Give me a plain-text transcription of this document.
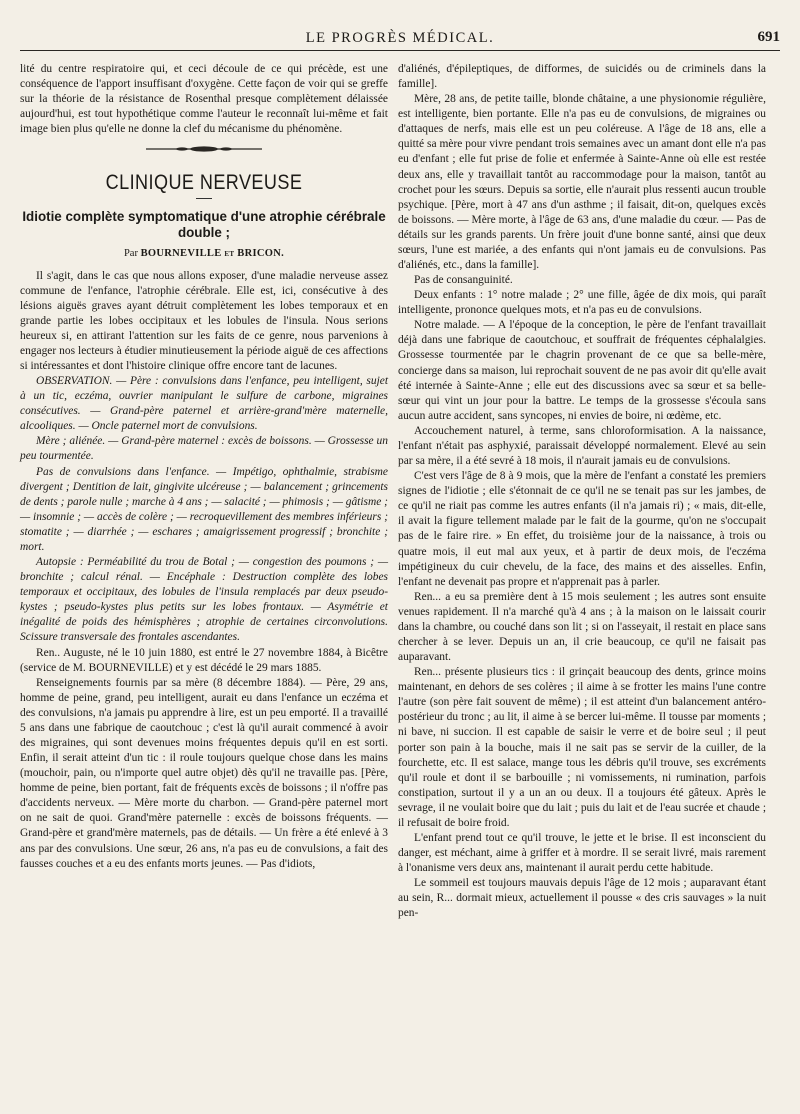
LE PROGRÈS MÉDICAL.	691

lité du centre respiratoire qui, et ceci découle de ce qui précède, est une conséquence de l'apport insuffisant d'oxygène. Cette façon de voir qui se greffe sur la théorie de la résistance de Rosenthal presque complètement délaissée aujourd'hui, est tout hypothétique comme l'auteur le reconnaît lui-même et fait image bien plus qu'elle ne donne la clef du mécanisme du phénomène.

CLINIQUE NERVEUSE
Idiotie complète symptomatique d'une atrophie cérébrale double ;
Par BOURNEVILLE et BRICON.

Il s'agit, dans le cas que nous allons exposer, d'une maladie nerveuse assez commune de l'enfance, l'atrophie cérébrale. Elle est, ici, consécutive à des lésions aiguës graves ayant détruit complètement les lobes temporaux et en grande partie les lobes occipitaux et les lobules de l'insula. Nous serions heureux si, en attirant l'attention sur les faits de ce genre, nous parvenions à engager nos lecteurs à étudier minutieusement la période aiguë de ces affections si intéressantes et dont l'histoire clinique offre encore tant de lacunes.

OBSERVATION. — Père : convulsions dans l'enfance, peu intelligent, sujet à un tic, eczéma, ouvrier manipulant le sulfure de carbone, migraines consécutives. — Grand-père paternel et arrière-grand'mère maternelle, alcooliques. — Oncle paternel mort de convulsions.

Mère ; aliénée. — Grand-père maternel : excès de boissons. — Grossesse un peu tourmentée.

Pas de convulsions dans l'enfance. — Impétigo, ophthalmie, strabisme divergent ; Dentition de lait, gingivite ulcéreuse ; — balancement ; grincements de dents ; parole nulle ; marche à 4 ans ; — salacité ; — phimosis ; — gâtisme ; — insomnie ; — accès de colère ; — recroquevillement des membres inférieurs ; stomatite ; — diarrhée ; — eschares ; amaigrissement progressif ; bronchite ; mort.

Autopsie : Perméabilité du trou de Botal ; — congestion des poumons ; — bronchite ; calcul rénal. — Encéphale : Destruction complète des lobes temporaux et occipitaux, des lobules de l'insula remplacés par deux pseudo-kystes ; pseudo-kystes plus petits sur les lobes frontaux. — Asymétrie et inégalité de poids des hémisphères ; atrophie de certaines circonvolutions. Scissure transversale des frontales ascendantes.

Ren.. Auguste, né le 10 juin 1880, est entré le 27 novembre 1884, à Bicêtre (service de M. BOURNEVILLE) et y est décédé le 29 mars 1885.

Renseignements fournis par sa mère (8 décembre 1884). — Père, 29 ans, homme de peine, grand, peu intelligent, aurait eu dans l'enfance un eczéma et des convulsions, n'a jamais pu apprendre à lire, est un peu emporté. Il a travaillé 5 ans dans une fabrique de caoutchouc ; c'est là qu'il aurait commencé à avoir des migraines, qui sont devenues moins fréquentes depuis qu'il en est sorti. Enfin, il serait atteint d'un tic : il roule toujours quelque chose dans les mains (mouchoir, pain, ou n'importe quel autre objet) dès qu'il ne travaille pas. [Père, homme de peine, bien portant, fait de fréquents excès de boissons ; il n'offre pas d'accidents nerveux. — Mère morte du charbon. — Grand-père paternel mort on ne sait de quoi. Grand'mère paternelle : excès de boissons fréquents. — Grand-père et grand'mère maternels, pas de détails. — Un frère a été enlevé à 3 ans par des convulsions. Une sœur, 26 ans, n'a pas eu de convulsions, a fait des fausses couches et a eu des enfants morts jeunes. — Pas d'idiots,

d'aliénés, d'épileptiques, de difformes, de suicidés ou de criminels dans la famille].

Mère, 28 ans, de petite taille, blonde châtaine, a une physionomie régulière, est intelligente, bien portante. Elle n'a pas eu de convulsions, de migraines ou d'attaques de nerfs, mais elle est un peu coléreuse. A l'âge de 18 ans, elle a quitté sa mère pour vivre pendant trois semaines avec un amant dont elle n'a pas eu d'enfant ; elle fut prise de folie et enfermée à Sainte-Anne où elle est restée deux ans, elle y travaillait tantôt au raccommodage pour la maison, tantôt au crochet pour les sœurs. Depuis sa sortie, elle n'aurait plus ressenti aucun trouble psychique. [Père, mort à 47 ans d'un asthme ; il faisait, dit-on, quelques excès de boissons. — Mère morte, à l'âge de 63 ans, d'une maladie du cœur. — Pas de détails sur les grands parents. Un frère jouit d'une bonne santé, ainsi que deux sœurs, l'une est mariée, a des enfants qui n'ont jamais eu de convulsions. Pas d'aliénés, etc., dans la famille].

Pas de consanguinité.

Deux enfants : 1° notre malade ; 2° une fille, âgée de dix mois, qui paraît intelligente, prononce quelques mots, et n'a pas eu de convulsions.

Notre malade. — A l'époque de la conception, le père de l'enfant travaillait déjà dans une fabrique de caoutchouc, et souffrait de fréquentes céphalalgies. Grossesse tourmentée par le chagrin provenant de ce que sa belle-mère, concierge dans sa maison, lui reprochait souvent de ne pas avoir dit qu'elle avait été internée à Sainte-Anne ; elle eut des discussions avec sa sœur et sa belle-sœur qui vint un jour pour la battre. Le temps de la grossesse s'écoula sans aucun autre accident, sans syncopes, ni envies de boire, ni œdème, etc.

Accouchement naturel, à terme, sans chloroformisation. A la naissance, l'enfant n'était pas asphyxié, paraissait développé normalement. Elevé au sein par sa mère, il a été sevré à 18 mois, il n'aurait jamais eu de convulsions.

C'est vers l'âge de 8 à 9 mois, que la mère de l'enfant a constaté les premiers signes de l'idiotie ; elle s'étonnait de ce qu'il ne se tenait pas sur les jambes, de ce qu'il ne riait pas comme les autres enfants (il n'a jamais ri) ; « mais, dit-elle, il avait la figure tellement malade par le fait de la gourme, qu'on ne s'occupait pas de le faire rire. » En effet, du troisième jour de la naissance, à trois ou quatre mois, il eut mal aux yeux, et à partir de deux mois, de l'eczéma impétigineux du cuir chevelu, de la face, des mains et des aisselles. Enfin, l'enfant ne devenait pas propre et n'apprenait pas à parler.

Ren... a eu sa première dent à 15 mois seulement ; les autres sont ensuite venues rapidement. Il n'a marché qu'à 4 ans ; à la maison on le laissait courir dans la chambre, ou couché dans son lit ; si on l'asseyait, il restait en place sans chercher à se lever. Depuis un an, il crie beaucoup, ce qu'il ne faisait pas auparavant.

Ren... présente plusieurs tics : il grinçait beaucoup des dents, grince moins maintenant, en dehors de ses colères ; il aime à se frotter les mains l'une contre l'autre (son père fait souvent de même) ; il est atteint d'un balancement antéro-postérieur du tronc ; au lit, il aime à se bercer lui-même. Il tousse par moments ; ni bave, ni succion. Il est capable de saisir le verre et de boire seul ; il peut porter son pain à la bouche, mais il ne sait pas se servir de la cuiller, de la fourchette, etc. Il est salace, mange tous les débris qu'il trouve, ses excréments qu'il roule et dont il se barbouille ; ni vomissements, ni rumination, parfois constipation, surtout il y a un an ou deux. Il a toujours été gâteux. Après le sevrage, il ne voulait boire que du lait ; puis du lait et de l'eau sucrée et chaude ; il refusait de boire froid.

L'enfant prend tout ce qu'il trouve, le jette et le brise. Il est inconscient du danger, est méchant, aime à griffer et à mordre. Il se serait livré, mais rarement à l'onanisme vers deux ans, maintenant il aurait perdu cette habitude.

Le sommeil est toujours mauvais depuis l'âge de 12 mois ; auparavant étant au sein, R... dormait mieux, actuellement il pousse « des cris sauvages » la nuit pen-
